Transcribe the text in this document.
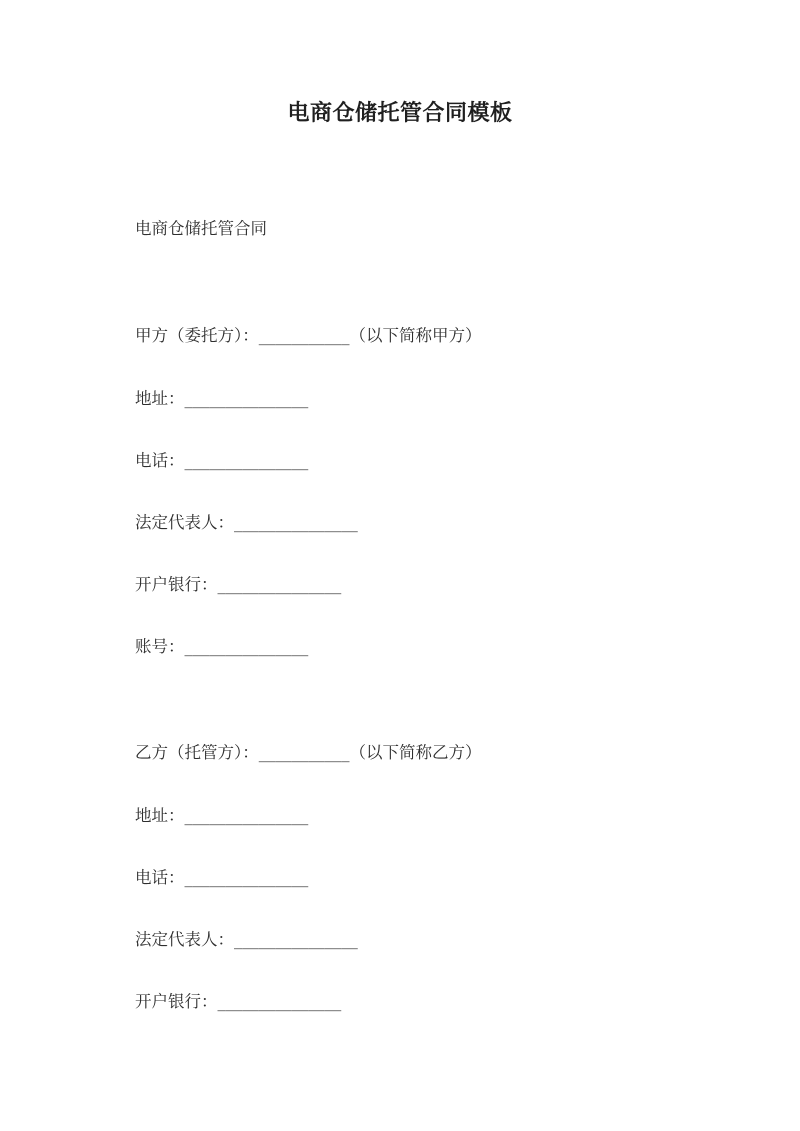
电商仓储托管合同模板
电商仓储托管合同
甲方（委托方）：___________（以下简称甲方）
地址：_______________
电话：_______________
法定代表人：_______________
开户银行：_______________
账号：_______________
乙方（托管方）：___________（以下简称乙方）
地址：_______________
电话：_______________
法定代表人：_______________
开户银行：_______________
